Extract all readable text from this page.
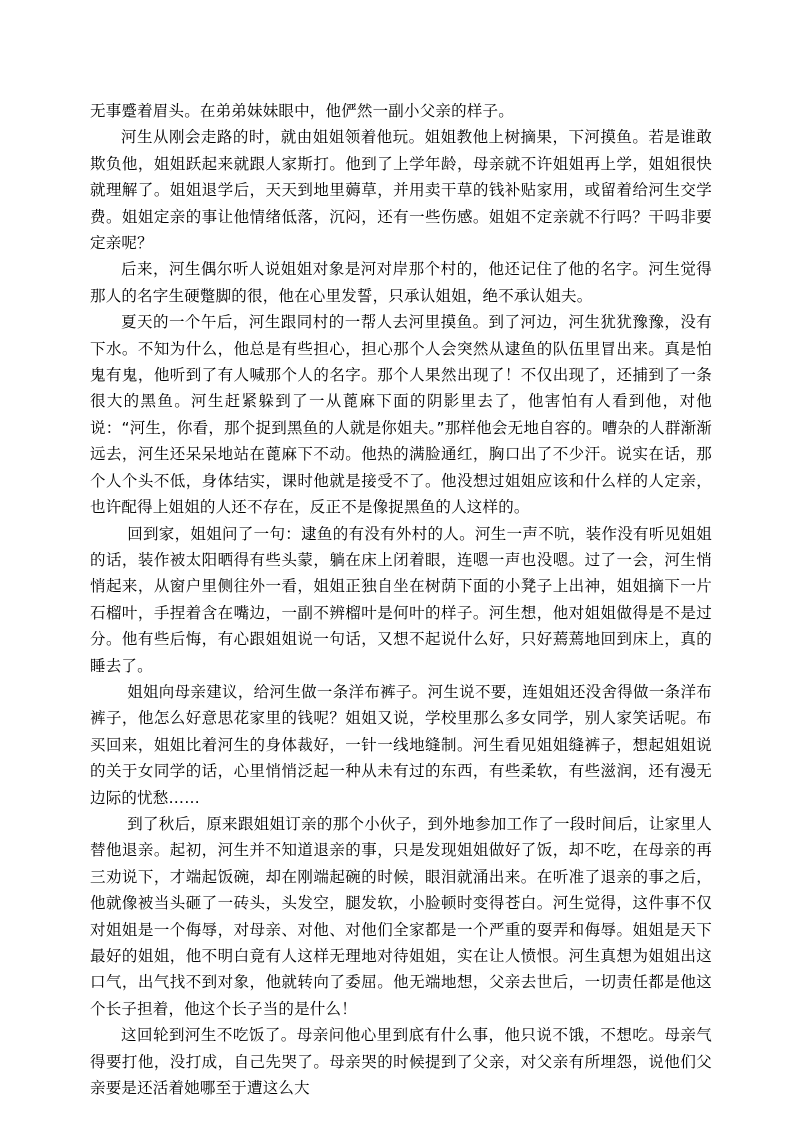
无事蹙着眉头。在弟弟妹妹眼中，他俨然一副小父亲的样子。

河生从刚会走路的时，就由姐姐领着他玩。姐姐教他上树摘果，下河摸鱼。若是谁敢欺负他，姐姐跃起来就跟人家斯打。他到了上学年龄，母亲就不许姐姐再上学，姐姐很快就理解了。姐姐退学后，天天到地里薅草，并用卖干草的钱补贴家用，或留着给河生交学费。姐姐定亲的事让他情绪低落，沉闷，还有一些伤感。姐姐不定亲就不行吗？干吗非要定亲呢？

后来，河生偶尔听人说姐姐对象是河对岸那个村的，他还记住了他的名字。河生觉得那人的名字生硬蹩脚的很，他在心里发誓，只承认姐姐，绝不承认姐夫。

夏天的一个午后，河生跟同村的一帮人去河里摸鱼。到了河边，河生犹犹豫豫，没有下水。不知为什么，他总是有些担心，担心那个人会突然从逮鱼的队伍里冒出来。真是怕鬼有鬼，他听到了有人喊那个人的名字。那个人果然出现了！不仅出现了，还捕到了一条很大的黑鱼。河生赶紧躲到了一从蓖麻下面的阴影里去了，他害怕有人看到他，对他说：“河生，你看，那个捉到黑鱼的人就是你姐夫。”那样他会无地自容的。嘈杂的人群渐渐远去，河生还呆呆地站在蓖麻下不动。他热的满脸通红，胸口出了不少汗。说实在话，那个人个头不低，身体结实，课时他就是接受不了。他没想过姐姐应该和什么样的人定亲，也许配得上姐姐的人还不存在，反正不是像捉黑鱼的人这样的。

回到家，姐姐问了一句：逮鱼的有没有外村的人。河生一声不吭，装作没有听见姐姐的话，装作被太阳晒得有些头蒙，躺在床上闭着眼，连嗯一声也没嗯。过了一会，河生悄悄起来，从窗户里侧往外一看，姐姐正独自坐在树荫下面的小凳子上出神，姐姐摘下一片石榴叶，手捏着含在嘴边，一副不辨榴叶是何叶的样子。河生想，他对姐姐做得是不是过分。他有些后悔，有心跟姐姐说一句话，又想不起说什么好，只好蔫蔫地回到床上，真的睡去了。

姐姐向母亲建议，给河生做一条洋布裤子。河生说不要，连姐姐还没舍得做一条洋布裤子，他怎么好意思花家里的钱呢？姐姐又说，学校里那么多女同学，别人家笑话呢。布买回来，姐姐比着河生的身体裁好，一针一线地缝制。河生看见姐姐缝裤子，想起姐姐说的关于女同学的话，心里悄悄泛起一种从未有过的东西，有些柔软，有些滋润，还有漫无边际的忧愁……

到了秋后，原来跟姐姐订亲的那个小伙子，到外地参加工作了一段时间后，让家里人替他退亲。起初，河生并不知道退亲的事，只是发现姐姐做好了饭，却不吃，在母亲的再三劝说下，才端起饭碗，却在刚端起碗的时候，眼泪就涌出来。在听准了退亲的事之后，他就像被当头砸了一砖头，头发空，腿发软，小脸顿时变得苍白。河生觉得，这件事不仅对姐姐是一个侮辱，对母亲、对他、对他们全家都是一个严重的耍弄和侮辱。姐姐是天下最好的姐姐，他不明白竟有人这样无理地对待姐姐，实在让人愤恨。河生真想为姐姐出这口气，出气找不到对象，他就转向了委屈。他无端地想，父亲去世后，一切责任都是他这个长子担着，他这个长子当的是什么！

这回轮到河生不吃饭了。母亲问他心里到底有什么事，他只说不饿，不想吃。母亲气得要打他，没打成，自己先哭了。母亲哭的时候提到了父亲，对父亲有所埋怨，说他们父亲要是还活着她哪至于遭这么大
